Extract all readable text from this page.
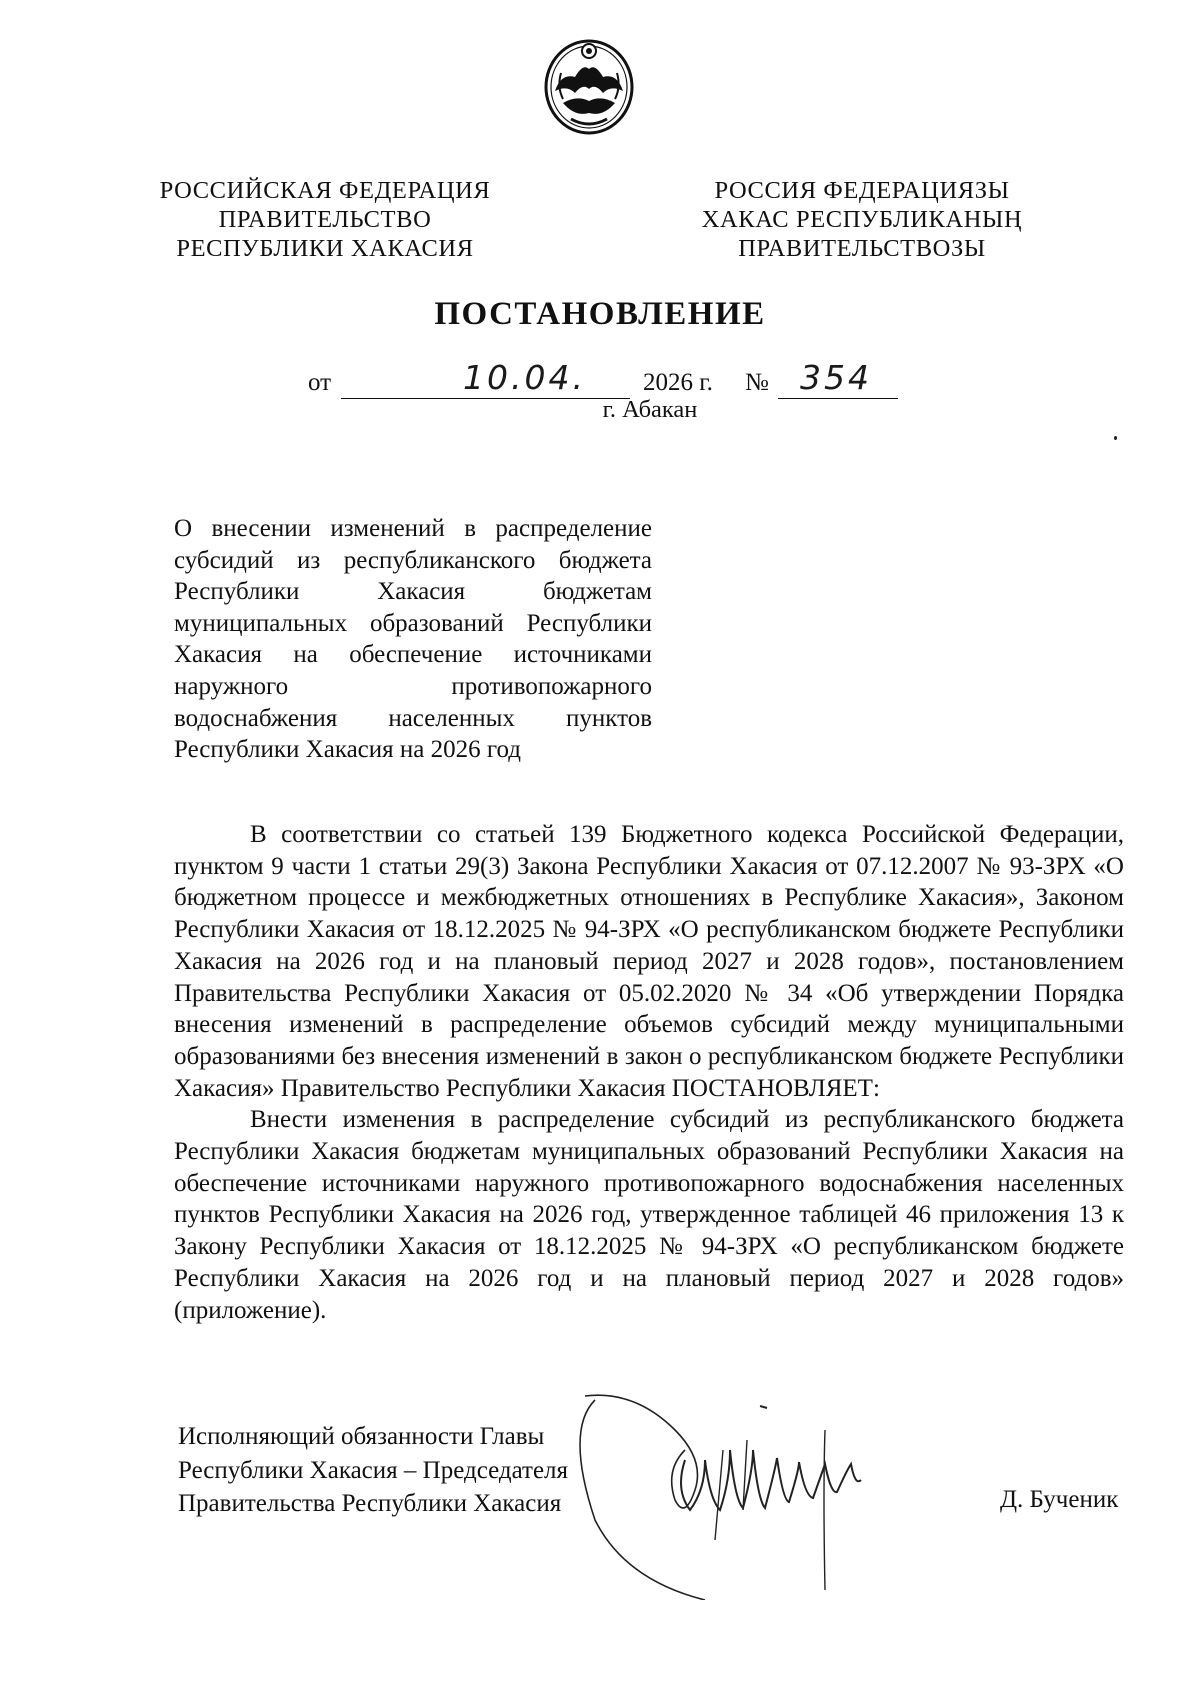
РОССИЙСКАЯ ФЕДЕРАЦИЯ
ПРАВИТЕЛЬСТВО
РЕСПУБЛИКИ ХАКАСИЯ
РОССИЯ ФЕДЕРАЦИЯЗЫ
ХАКАС РЕСПУБЛИКАНЫҢ
ПРАВИТЕЛЬСТВОЗЫ
ПОСТАНОВЛЕНИЕ
от	10.04. 2026 г. № 354
г. Абакан

О внесении изменений в распределение субсидий из республиканского бюджета Республики Хакасия бюджетам муниципальных образований Республики Хакасия на обеспечение источниками наружного противопожарного водоснабжения населенных пунктов Республики Хакасия на 2026 год

В соответствии со статьей 139 Бюджетного кодекса Российской Федерации, пунктом 9 части 1 статьи 29(3) Закона Республики Хакасия от 07.12.2007 № 93-ЗРХ «О бюджетном процессе и межбюджетных отношениях в Республике Хакасия», Законом Республики Хакасия от 18.12.2025 № 94-ЗРХ «О республиканском бюджете Республики Хакасия на 2026 год и на плановый период 2027 и 2028 годов», постановлением Правительства Республики Хакасия от 05.02.2020 № 34 «Об утверждении Порядка внесения изменений в распределение объемов субсидий между муниципальными образованиями без внесения изменений в закон о республиканском бюджете Республики Хакасия» Правительство Республики Хакасия ПОСТАНОВЛЯЕТ:

Внести изменения в распределение субсидий из республиканского бюджета Республики Хакасия бюджетам муниципальных образований Республики Хакасия на обеспечение источниками наружного противопожарного водоснабжения населенных пунктов Республики Хакасия на 2026 год, утвержденное таблицей 46 приложения 13 к Закону Республики Хакасия от 18.12.2025 № 94-ЗРХ «О республиканском бюджете Республики Хакасия на 2026 год и на плановый период 2027 и 2028 годов» (приложение).

Исполняющий обязанности Главы
Республики Хакасия – Председателя
Правительства Республики Хакасия	Д. Бученик
